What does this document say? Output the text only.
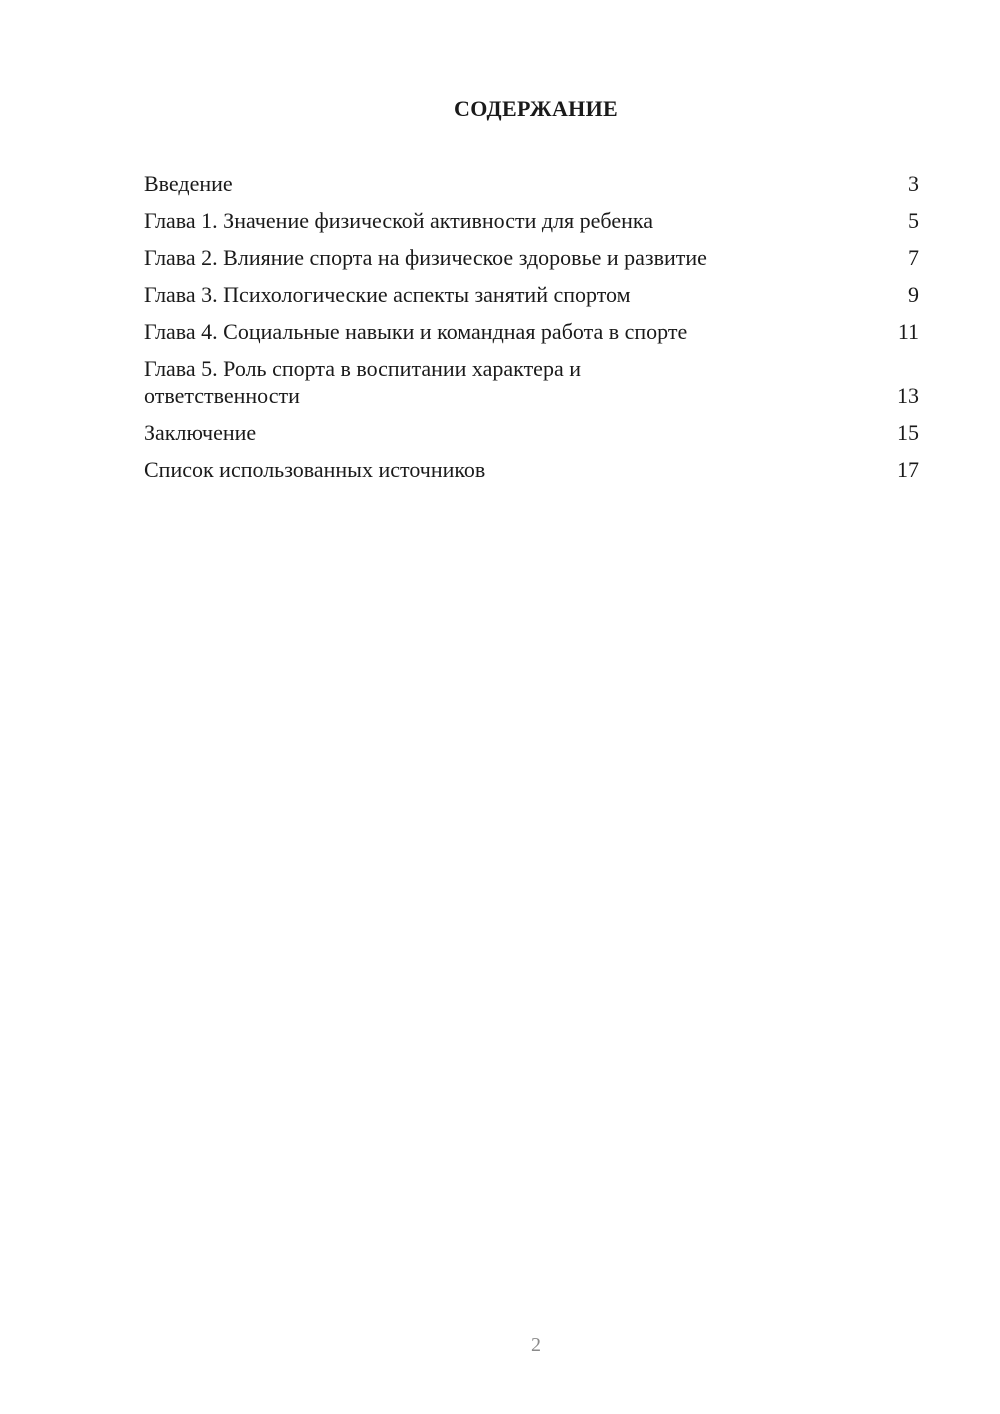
СОДЕРЖАНИЕ
Введение	3
Глава 1. Значение физической активности для ребенка	5
Глава 2. Влияние спорта на физическое здоровье и развитие	7
Глава 3. Психологические аспекты занятий спортом	9
Глава 4. Социальные навыки и командная работа в спорте	11
Глава 5. Роль спорта в воспитании характера и ответственности	13
Заключение	15
Список использованных источников	17
2
